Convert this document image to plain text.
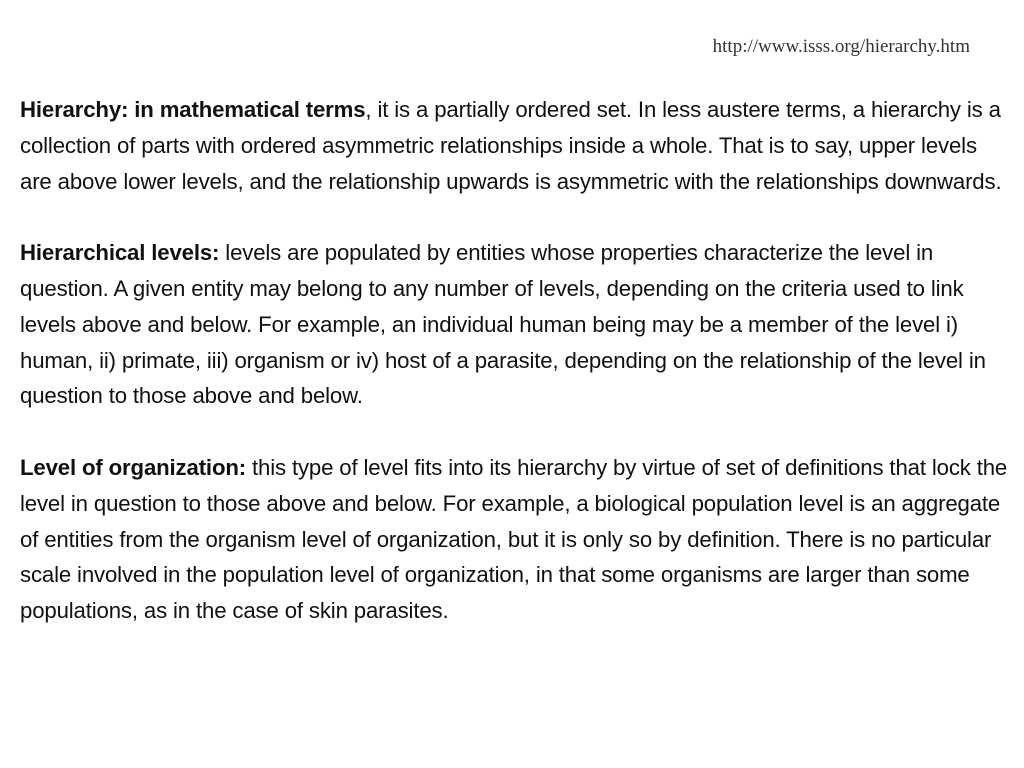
http://www.isss.org/hierarchy.htm

Hierarchy: in mathematical terms, it is a partially ordered set. In less austere terms, a hierarchy is a collection of parts with ordered asymmetric relationships inside a whole. That is to say, upper levels are above lower levels, and the relationship upwards is asymmetric with the relationships downwards.

Hierarchical levels: levels are populated by entities whose properties characterize the level in question. A given entity may belong to any number of levels, depending on the criteria used to link levels above and below. For example, an individual human being may be a member of the level i) human, ii) primate, iii) organism or iv) host of a parasite, depending on the relationship of the level in question to those above and below.

Level of organization: this type of level fits into its hierarchy by virtue of set of definitions that lock the level in question to those above and below. For example, a biological population level is an aggregate of entities from the organism level of organization, but it is only so by definition. There is no particular scale involved in the population level of organization, in that some organisms are larger than some populations, as in the case of skin parasites.
